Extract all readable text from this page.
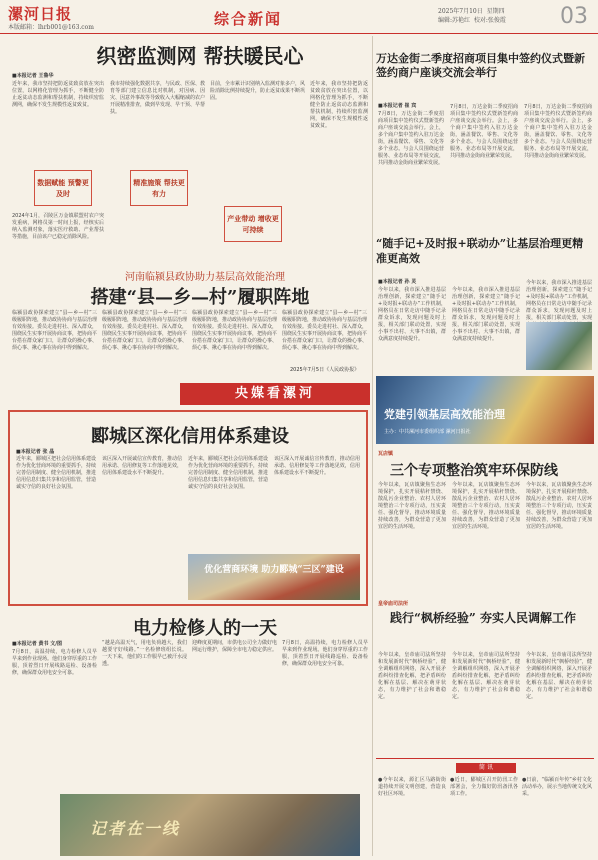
漯河日报
本版邮箱：lhrb001@163.com	综合新闻	2025年7月10日 星期四
编辑:苏艳红 校对:张俊霞 03
织密监测网 帮扶暖民心
■本报记者 王鲁华
近年来，我市坚持把防返贫致贫放在突出位置，以网格化管理为抓手，不断健全防止返贫动态监测和帮扶机制，持续织密监测网，确保不发生规模性返贫致贫。
2024年1月，召陵区万金镇联盟村农户突发重病，网格员第一时间上报，经核实后纳入监测对象，落实医疗救助、产业帮扶等措施，目前该户已稳定消除风险。
我市持续强化数据共享，与民政、医保、教育等部门建立信息比对机制，对因病、因灾、因意外事故等导致收入大幅缩减的农户开展精准排查，做到早发现、早干预、早帮扶。
目前，全市累计识别纳入监测对象多户，风险消除比例持续提升，防止返贫成果不断巩固。
近年来，我市坚持把防返贫致贫放在突出位置，以网格化管理为抓手，不断健全防止返贫动态监测和帮扶机制，持续织密监测网，确保不发生规模性返贫致贫。
数据赋能 预警更及时
精准施策 帮扶更有力
产业带动 增收更可持续
万达金街二季度招商项目集中签约仪式暨新签约商户座谈交流会举行
■本报记者 崔 宾
7月8日，万达金街二季度招商项目集中签约仪式暨新签约商户座谈交流会举行。会上，多个商户集中签约入驻万达金街，涵盖餐饮、零售、文化等多个业态。与会人员围绕运营服务、业态布局等开展交流，共同推动金街商业繁荣发展。
7月8日，万达金街二季度招商项目集中签约仪式暨新签约商户座谈交流会举行。会上，多个商户集中签约入驻万达金街，涵盖餐饮、零售、文化等多个业态。与会人员围绕运营服务、业态布局等开展交流，共同推动金街商业繁荣发展。
7月8日，万达金街二季度招商项目集中签约仪式暨新签约商户座谈交流会举行。会上，多个商户集中签约入驻万达金街，涵盖餐饮、零售、文化等多个业态。与会人员围绕运营服务、业态布局等开展交流，共同推动金街商业繁荣发展。
“随手记+及时报+联动办”让基层治理更精准更高效
■本报记者 孙 灵
今年以来，我市深入推进基层治理创新，探索建立“随手记+及时报+联动办”工作机制，网格员在日常走访中随手记录群众诉求，发现问题及时上报，相关部门联动处置，实现小事不出村、大事不出镇，群众满意度持续提升。
今年以来，我市深入推进基层治理创新，探索建立“随手记+及时报+联动办”工作机制，网格员在日常走访中随手记录群众诉求，发现问题及时上报，相关部门联动处置，实现小事不出村、大事不出镇，群众满意度持续提升。
今年以来，我市深入推进基层治理创新，探索建立“随手记+及时报+联动办”工作机制，网格员在日常走访中随手记录群众诉求，发现问题及时上报，相关部门联动处置，实现
河南临颍县政协助力基层高效能治理
搭建“县—乡—村”履职阵地
临颍县政协探索建立“县—乡—村”三级履职阵地，推动政协协商与基层治理有效衔接。委员走进村社、深入群众，围绕民生实事开展协商议事，把协商平台搭在群众家门口，让群众的操心事、烦心事、揪心事在协商中得到解决。
临颍县政协探索建立“县—乡—村”三级履职阵地，推动政协协商与基层治理有效衔接。委员走进村社、深入群众，围绕民生实事开展协商议事，把协商平台搭在群众家门口，让群众的操心事、烦心事、揪心事在协商中得到解决。
临颍县政协探索建立“县—乡—村”三级履职阵地，推动政协协商与基层治理有效衔接。委员走进村社、深入群众，围绕民生实事开展协商议事，把协商平台搭在群众家门口，让群众的操心事、烦心事、揪心事在协商中得到解决。
临颍县政协探索建立“县—乡—村”三级履职阵地，推动政协协商与基层治理有效衔接。委员走进村社、深入群众，围绕民生实事开展协商议事，把协商平台搭在群众家门口，让群众的操心事、烦心事、揪心事在协商中得到解决。
2025年7月5日《人民政协报》
央媒看漯河
党建引领基层高效能治理
主办：中共漯河市委组织部 漯河日报社
郾城区深化信用体系建设
■本报记者 张 晶
近年来，郾城区把社会信用体系建设作为优化营商环境的重要抓手，持续完善信用制度、健全信用机制，推进信用信息归集共享和信用监管，营造诚实守信的良好社会氛围。
该区深入开展诚信宣传教育，推动信用承诺、信用修复等工作落地见效，信用体系建设水平不断提升。
近年来，郾城区把社会信用体系建设作为优化营商环境的重要抓手，持续完善信用制度、健全信用机制，推进信用信息归集共享和信用监管，营造诚实守信的良好社会氛围。
该区深入开展诚信宣传教育，推动信用承诺、信用修复等工作落地见效，信用体系建设水平不断提升。
优化营商环境 助力郾城“三区”建设
瓦店镇
三个专项整治筑牢环保防线
今年以来，瓦店镇聚焦生态环境保护，扎实开展秸秆禁烧、散乱污企业整治、农村人居环境整治三个专项行动，压实责任、强化督导，推动环境质量持续改善，为群众营造了更加宜居的生活环境。
今年以来，瓦店镇聚焦生态环境保护，扎实开展秸秆禁烧、散乱污企业整治、农村人居环境整治三个专项行动，压实责任、强化督导，推动环境质量持续改善，为群众营造了更加宜居的生活环境。
今年以来，瓦店镇聚焦生态环境保护，扎实开展秸秆禁烧、散乱污企业整治、农村人居环境整治三个专项行动，压实责任、强化督导，推动环境质量持续改善，为群众营造了更加宜居的生活环境。
皇帝庙司法所
践行“枫桥经验” 夯实人民调解工作
今年以来，皇帝庙司法所坚持和发展新时代“枫桥经验”，健全调解组织网络，深入开展矛盾纠纷排查化解，把矛盾纠纷化解在基层、解决在萌芽状态，有力维护了社会和谐稳定。
今年以来，皇帝庙司法所坚持和发展新时代“枫桥经验”，健全调解组织网络，深入开展矛盾纠纷排查化解，把矛盾纠纷化解在基层、解决在萌芽状态，有力维护了社会和谐稳定。
今年以来，皇帝庙司法所坚持和发展新时代“枫桥经验”，健全调解组织网络，深入开展矛盾纠纷排查化解，把矛盾纠纷化解在基层、解决在萌芽状态，有力维护了社会和谐稳定。
电力检修人的一天
■本报记者 黄书 文/图
7月8日，高温持续，电力检修人员早早来到作业现场。他们身穿厚重的工作服，顶着烈日开展线路巡检、设备检修，确保群众用电安全可靠。
“越是高温天气，用电负荷越大，我们越要守好线路。”一名检修班组长说。一天下来，他们的工作服早已被汗水浸透。
迎峰度夏期间，市供电公司全力做好电网运行维护，保障全市电力稳定供应。
7月8日，高温持续，电力检修人员早早来到作业现场。他们身穿厚重的工作服，顶着烈日开展线路巡检、设备检修，确保群众用电安全可靠。
记者在一线
简 讯
●今年以来，源汇区马路街街道持续开展文明创建，营造良好社区环境。
●近日，郾城区召开防汛工作部署会，全力做好防汛备汛各项工作。
●日前，“临颍百年传”乡村文化活动举办，展示当地传统文化风采。
